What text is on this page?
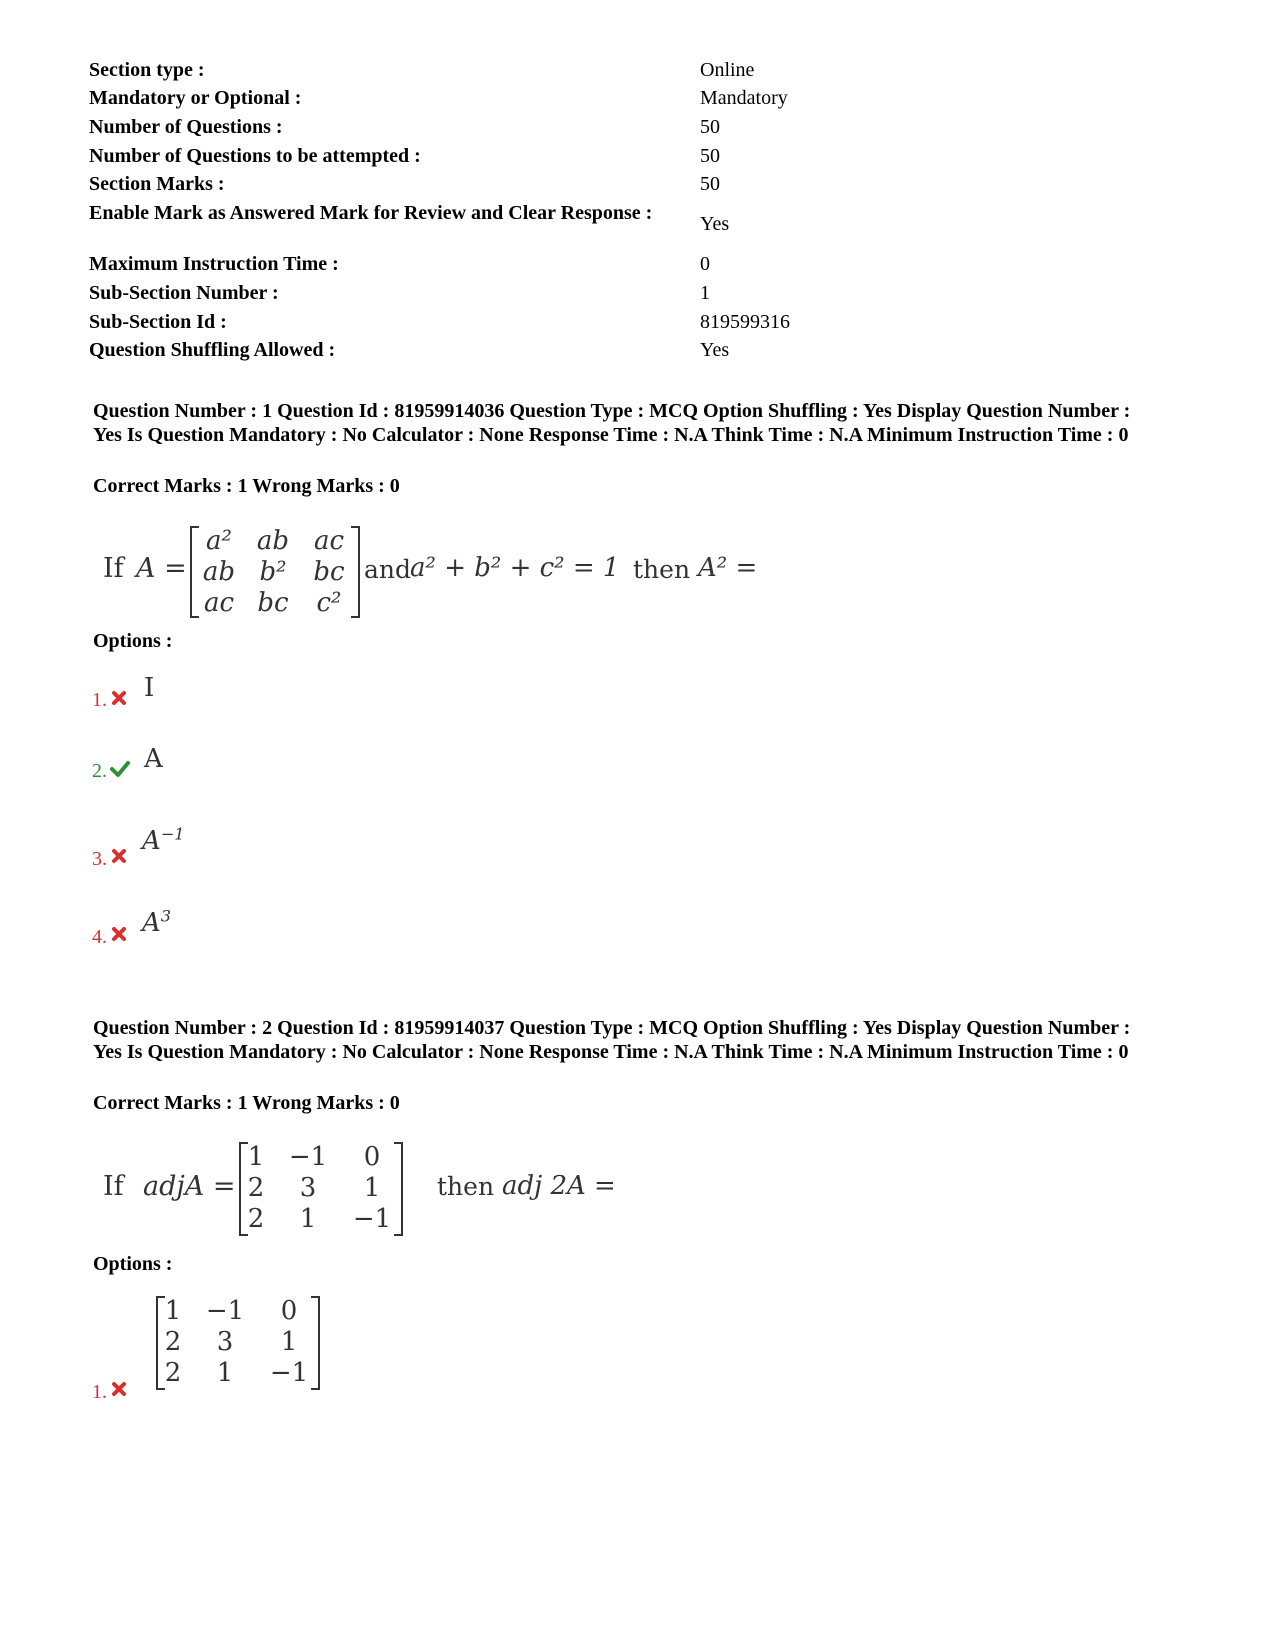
Section type :	Online
Mandatory or Optional :	Mandatory
Number of Questions :	50
Number of Questions to be attempted :	50
Section Marks :	50
Enable Mark as Answered Mark for Review and Clear Response :	Yes
Maximum Instruction Time :	0
Sub-Section Number :	1
Sub-Section Id :	819599316
Question Shuffling Allowed :	Yes
Question Number : 1 Question Id : 81959914036 Question Type : MCQ Option Shuffling : Yes Display Question Number : Yes Is Question Mandatory : No Calculator : None Response Time : N.A Think Time : N.A Minimum Instruction Time : 0
Correct Marks : 1 Wrong Marks : 0
If A =
a² ab ac
ab b² bc
ac bc	c²
and
a² + b² + c² = 1 then A² =
Options :
1. I
2. A
3.
$A^{-1}$
4. $A^3$
Question Number : 2 Question Id : 81959914037 Question Type : MCQ Option Shuffling : Yes Display Question Number : Yes Is Question Mandatory : No Calculator : None Response Time : N.A Think Time : N.A Minimum Instruction Time : 0
Correct Marks : 1 Wrong Marks : 0
If adjA =
1 −1	0
2	3	1
2	1	−1
then adj 2A =
Options :
1.
1 −1	0
2	3	1
2	1	−1
